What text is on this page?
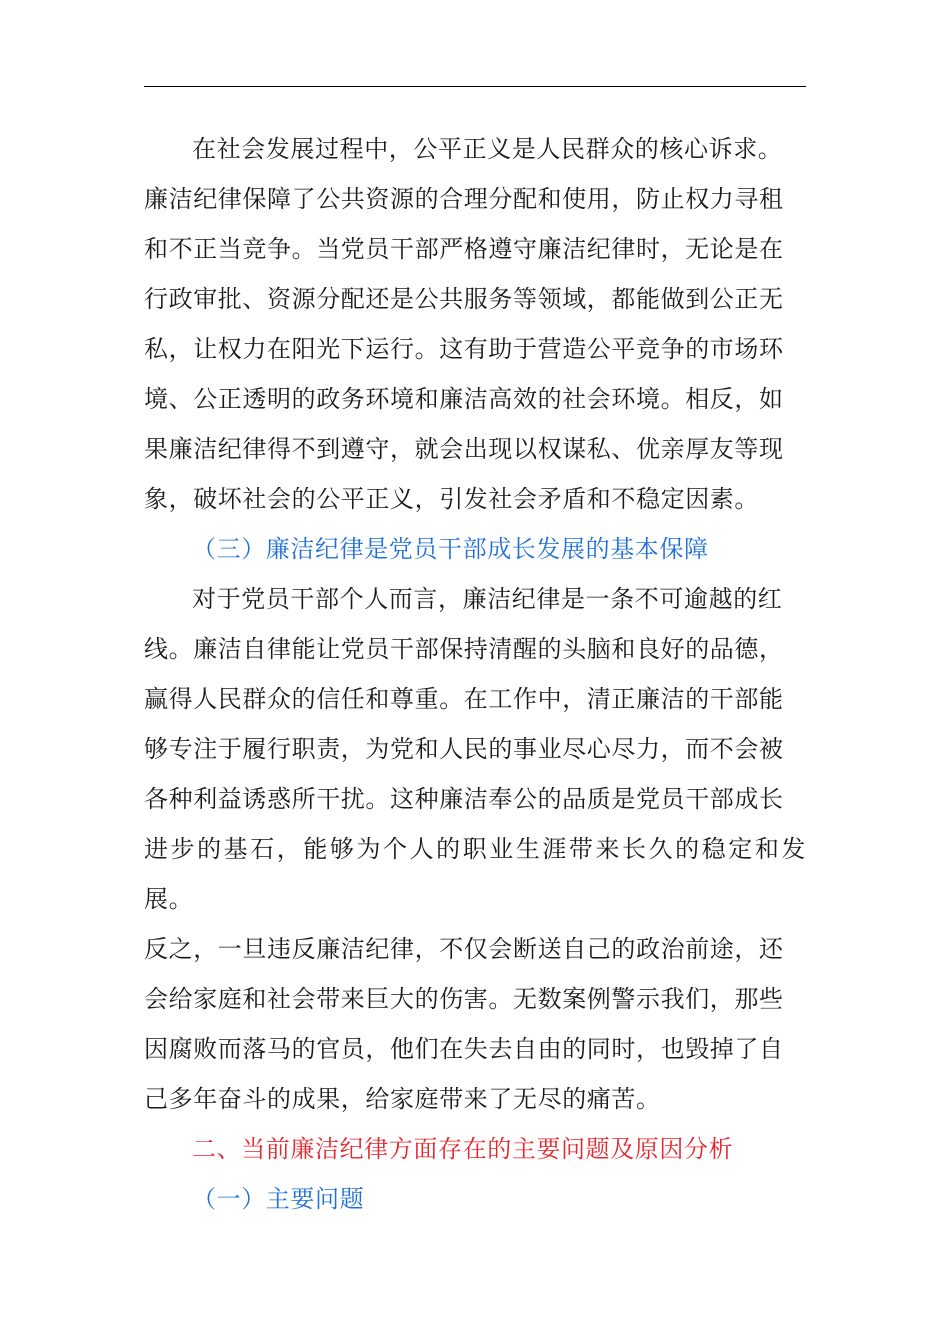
在社会发展过程中，公平正义是人民群众的核心诉求。
廉洁纪律保障了公共资源的合理分配和使用，防止权力寻租
和不正当竞争。当党员干部严格遵守廉洁纪律时，无论是在
行政审批、资源分配还是公共服务等领域，都能做到公正无
私，让权力在阳光下运行。这有助于营造公平竞争的市场环
境、公正透明的政务环境和廉洁高效的社会环境。相反，如
果廉洁纪律得不到遵守，就会出现以权谋私、优亲厚友等现
象，破坏社会的公平正义，引发社会矛盾和不稳定因素。

（三）廉洁纪律是党员干部成长发展的基本保障

对于党员干部个人而言，廉洁纪律是一条不可逾越的红
线。廉洁自律能让党员干部保持清醒的头脑和良好的品德，
赢得人民群众的信任和尊重。在工作中，清正廉洁的干部能
够专注于履行职责，为党和人民的事业尽心尽力，而不会被
各种利益诱惑所干扰。这种廉洁奉公的品质是党员干部成长
进步的基石，能够为个人的职业生涯带来长久的稳定和发展。
反之，一旦违反廉洁纪律，不仅会断送自己的政治前途，还
会给家庭和社会带来巨大的伤害。无数案例警示我们，那些
因腐败而落马的官员，他们在失去自由的同时，也毁掉了自
己多年奋斗的成果，给家庭带来了无尽的痛苦。

二、当前廉洁纪律方面存在的主要问题及原因分析

（一）主要问题
